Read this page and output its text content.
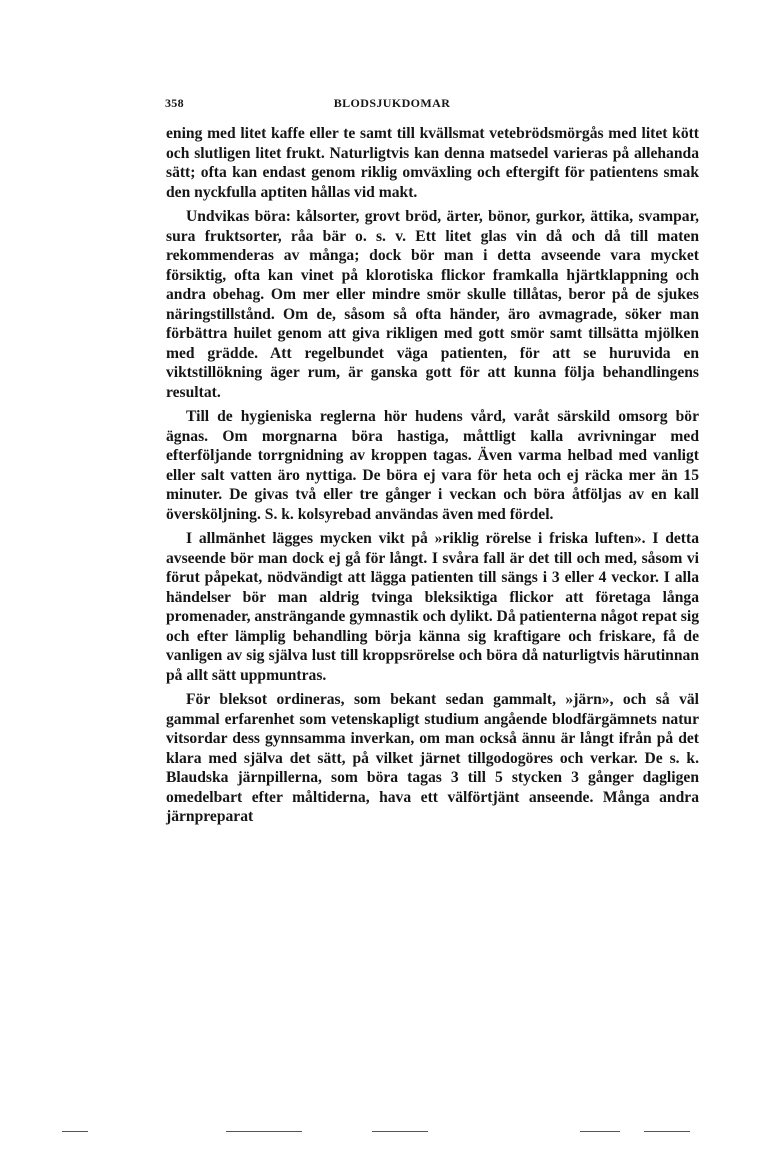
358	BLODSJUKDOMAR

ening med litet kaffe eller te samt till kvällsmat vetebrödsmörgås med litet kött och slutligen litet frukt. Naturligtvis kan denna matsedel varieras på allehanda sätt; ofta kan endast genom riklig omväxling och eftergift för patientens smak den nyckfulla aptiten hållas vid makt.

Undvikas böra: kålsorter, grovt bröd, ärter, bönor, gurkor, ättika, svampar, sura fruktsorter, råa bär o. s. v. Ett litet glas vin då och då till maten rekommenderas av många; dock bör man i detta avseende vara mycket försiktig, ofta kan vinet på klorotiska flickor framkalla hjärtklappning och andra obehag. Om mer eller mindre smör skulle tillåtas, beror på de sjukes näringstillstånd. Om de, såsom så ofta händer, äro avmagrade, söker man förbättra huilet genom att giva rikligen med gott smör samt tillsätta mjölken med grädde. Att regelbundet väga patienten, för att se huruvida en viktstillökning äger rum, är ganska gott för att kunna följa behandlingens resultat.

Till de hygieniska reglerna hör hudens vård, varåt särskild omsorg bör ägnas. Om morgnarna böra hastiga, måttligt kalla avrivningar med efterföljande torrgnidning av kroppen tagas. Även varma helbad med vanligt eller salt vatten äro nyttiga. De böra ej vara för heta och ej räcka mer än 15 minuter. De givas två eller tre gånger i veckan och böra åtföljas av en kall översköljning. S. k. kolsyrebad användas även med fördel.

I allmänhet lägges mycken vikt på »riklig rörelse i friska luften». I detta avseende bör man dock ej gå för långt. I svåra fall är det till och med, såsom vi förut påpekat, nödvändigt att lägga patienten till sängs i 3 eller 4 veckor. I alla händelser bör man aldrig tvinga bleksiktiga flickor att företaga långa promenader, ansträngande gymnastik och dylikt. Då patienterna något repat sig och efter lämplig behandling börja känna sig kraftigare och friskare, få de vanligen av sig själva lust till kroppsrörelse och böra då naturligtvis härutinnan på allt sätt uppmuntras.

För bleksot ordineras, som bekant sedan gammalt, »järn», och så väl gammal erfarenhet som vetenskapligt studium angående blodfärgämnets natur vitsordar dess gynnsamma inverkan, om man också ännu är långt ifrån på det klara med själva det sätt, på vilket järnet tillgodogöres och verkar. De s. k. Blaudska järnpillerna, som böra tagas 3 till 5 stycken 3 gånger dagligen omedelbart efter måltiderna, hava ett välförtjänt anseende. Många andra järnpreparat
